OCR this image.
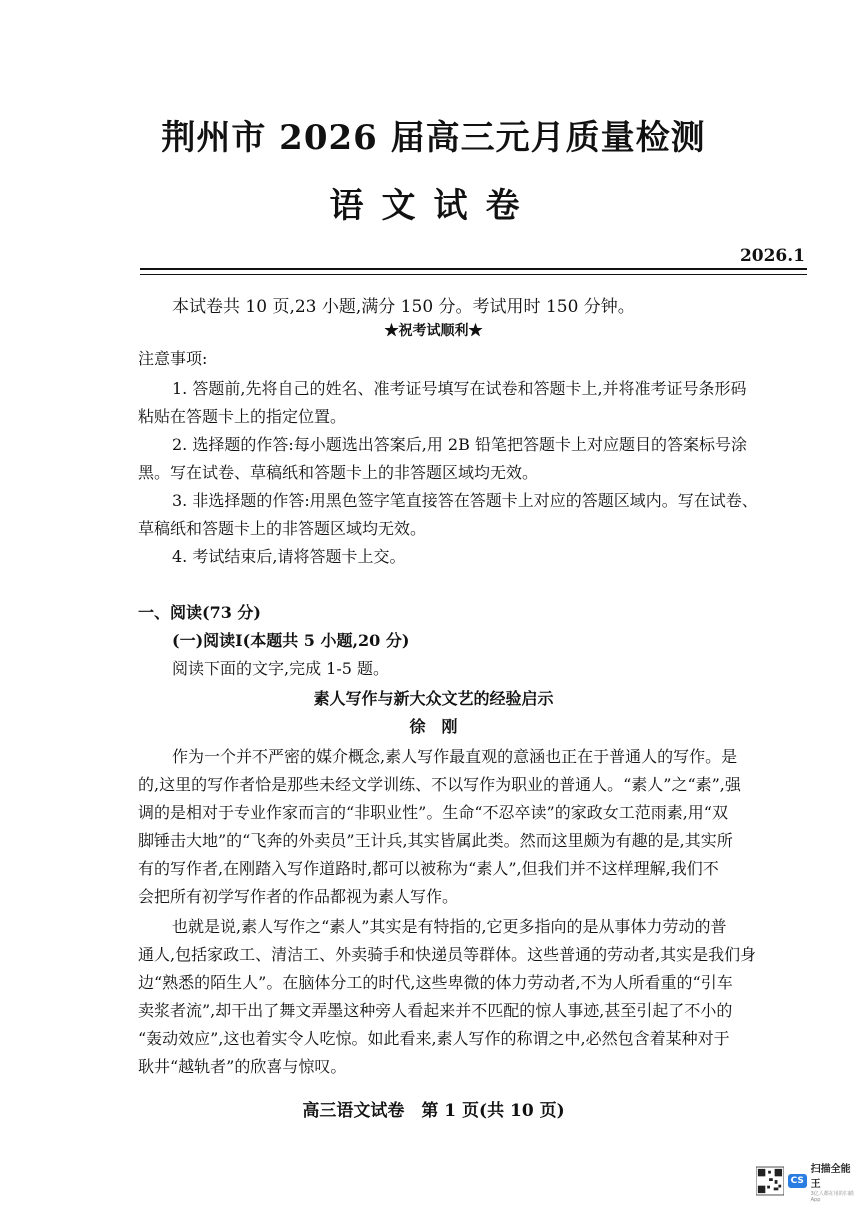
荆州市 2026 届高三元月质量检测
语文试卷
2026.1
本试卷共 10 页,23 小题,满分 150 分。考试用时 150 分钟。
★祝考试顺利★
注意事项:
1. 答题前,先将自己的姓名、准考证号填写在试卷和答题卡上,并将准考证号条形码
粘贴在答题卡上的指定位置。
2. 选择题的作答:每小题选出答案后,用 2B 铅笔把答题卡上对应题目的答案标号涂
黑。写在试卷、草稿纸和答题卡上的非答题区域均无效。
3. 非选择题的作答:用黑色签字笔直接答在答题卡上对应的答题区域内。写在试卷、
草稿纸和答题卡上的非答题区域均无效。
4. 考试结束后,请将答题卡上交。
一、阅读(73 分)
(一)阅读Ⅰ(本题共 5 小题,20 分)
阅读下面的文字,完成 1-5 题。
素人写作与新大众文艺的经验启示
徐　刚
作为一个并不严密的媒介概念,素人写作最直观的意涵也正在于普通人的写作。是
的,这里的写作者恰是那些未经文学训练、不以写作为职业的普通人。“素人”之“素”,强
调的是相对于专业作家而言的“非职业性”。生命“不忍卒读”的家政女工范雨素,用“双
脚锤击大地”的“飞奔的外卖员”王计兵,其实皆属此类。然而这里颇为有趣的是,其实所
有的写作者,在刚踏入写作道路时,都可以被称为“素人”,但我们并不这样理解,我们不
会把所有初学写作者的作品都视为素人写作。
也就是说,素人写作之“素人”其实是有特指的,它更多指向的是从事体力劳动的普
通人,包括家政工、清洁工、外卖骑手和快递员等群体。这些普通的劳动者,其实是我们身
边“熟悉的陌生人”。在脑体分工的时代,这些卑微的体力劳动者,不为人所看重的“引车
卖浆者流”,却干出了舞文弄墨这种旁人看起来并不匹配的惊人事迹,甚至引起了不小的
“轰动效应”,这也着实令人吃惊。如此看来,素人写作的称谓之中,必然包含着某种对于
耿井“越轨者”的欣喜与惊叹。
高三语文试卷　第 1 页(共 10 页)
CS
扫描全能王
3亿人都在用的扫描App
